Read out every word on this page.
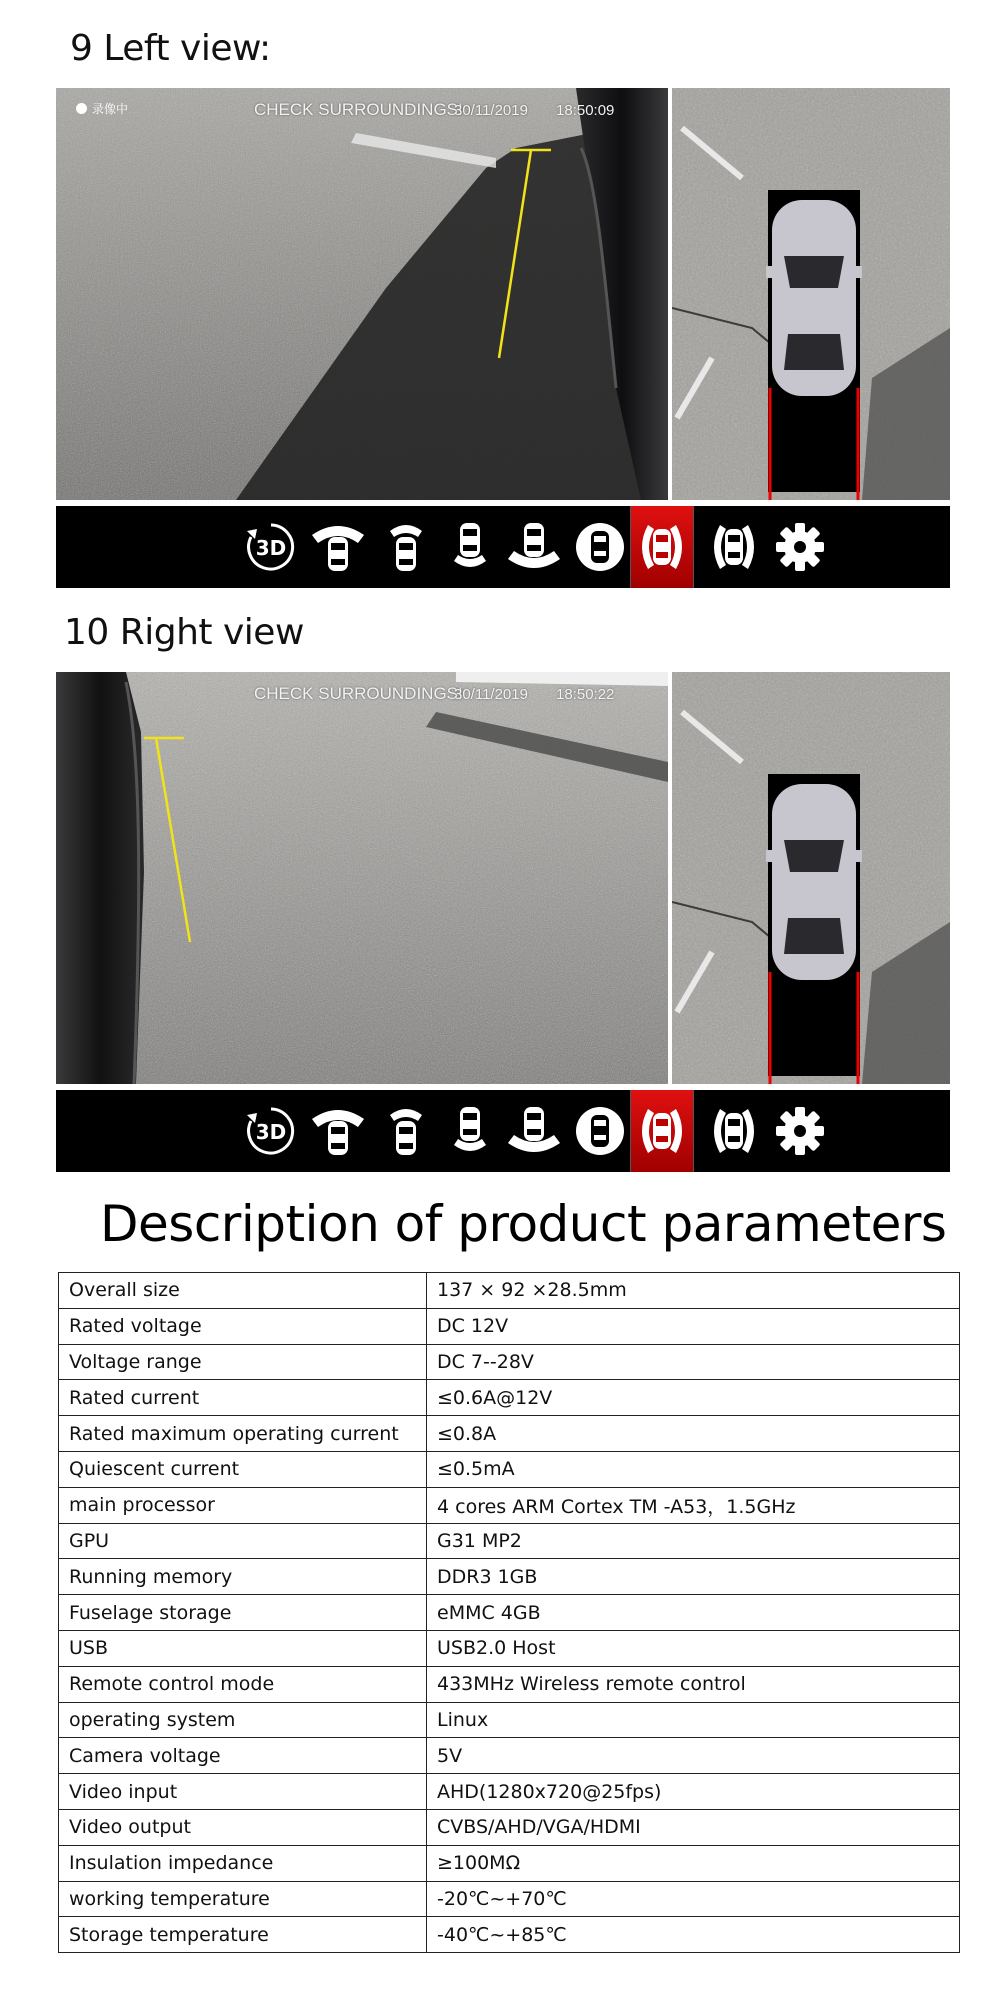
9 Left view:
10 Right view
录像中	CHECK SURROUNDINGS!
30/11/2019 18:50:09
3D
CHECK SURROUNDINGS!
30/11/2019 18:50:22
3D
Description of product parameters
Overall size	137 × 92 ×28.5mm
Rated voltage	DC 12V
Voltage range	DC 7--28V
Rated current	≤0.6A@12V
Rated maximum operating current	≤0.8A
Quiescent current	≤0.5mA
main processor	4 cores ARM Cortex TM -A53，1.5GHz
GPU	G31 MP2
Running memory	DDR3 1GB
Fuselage storage	eMMC 4GB
USB	USB2.0 Host
Remote control mode	433MHz Wireless remote control
operating system	Linux
Camera voltage	5V
Video input	AHD(1280x720@25fps)
Video output	CVBS/AHD/VGA/HDMI
Insulation impedance	≥100MΩ
working temperature	-20℃~+70℃
Storage temperature	-40℃~+85℃
